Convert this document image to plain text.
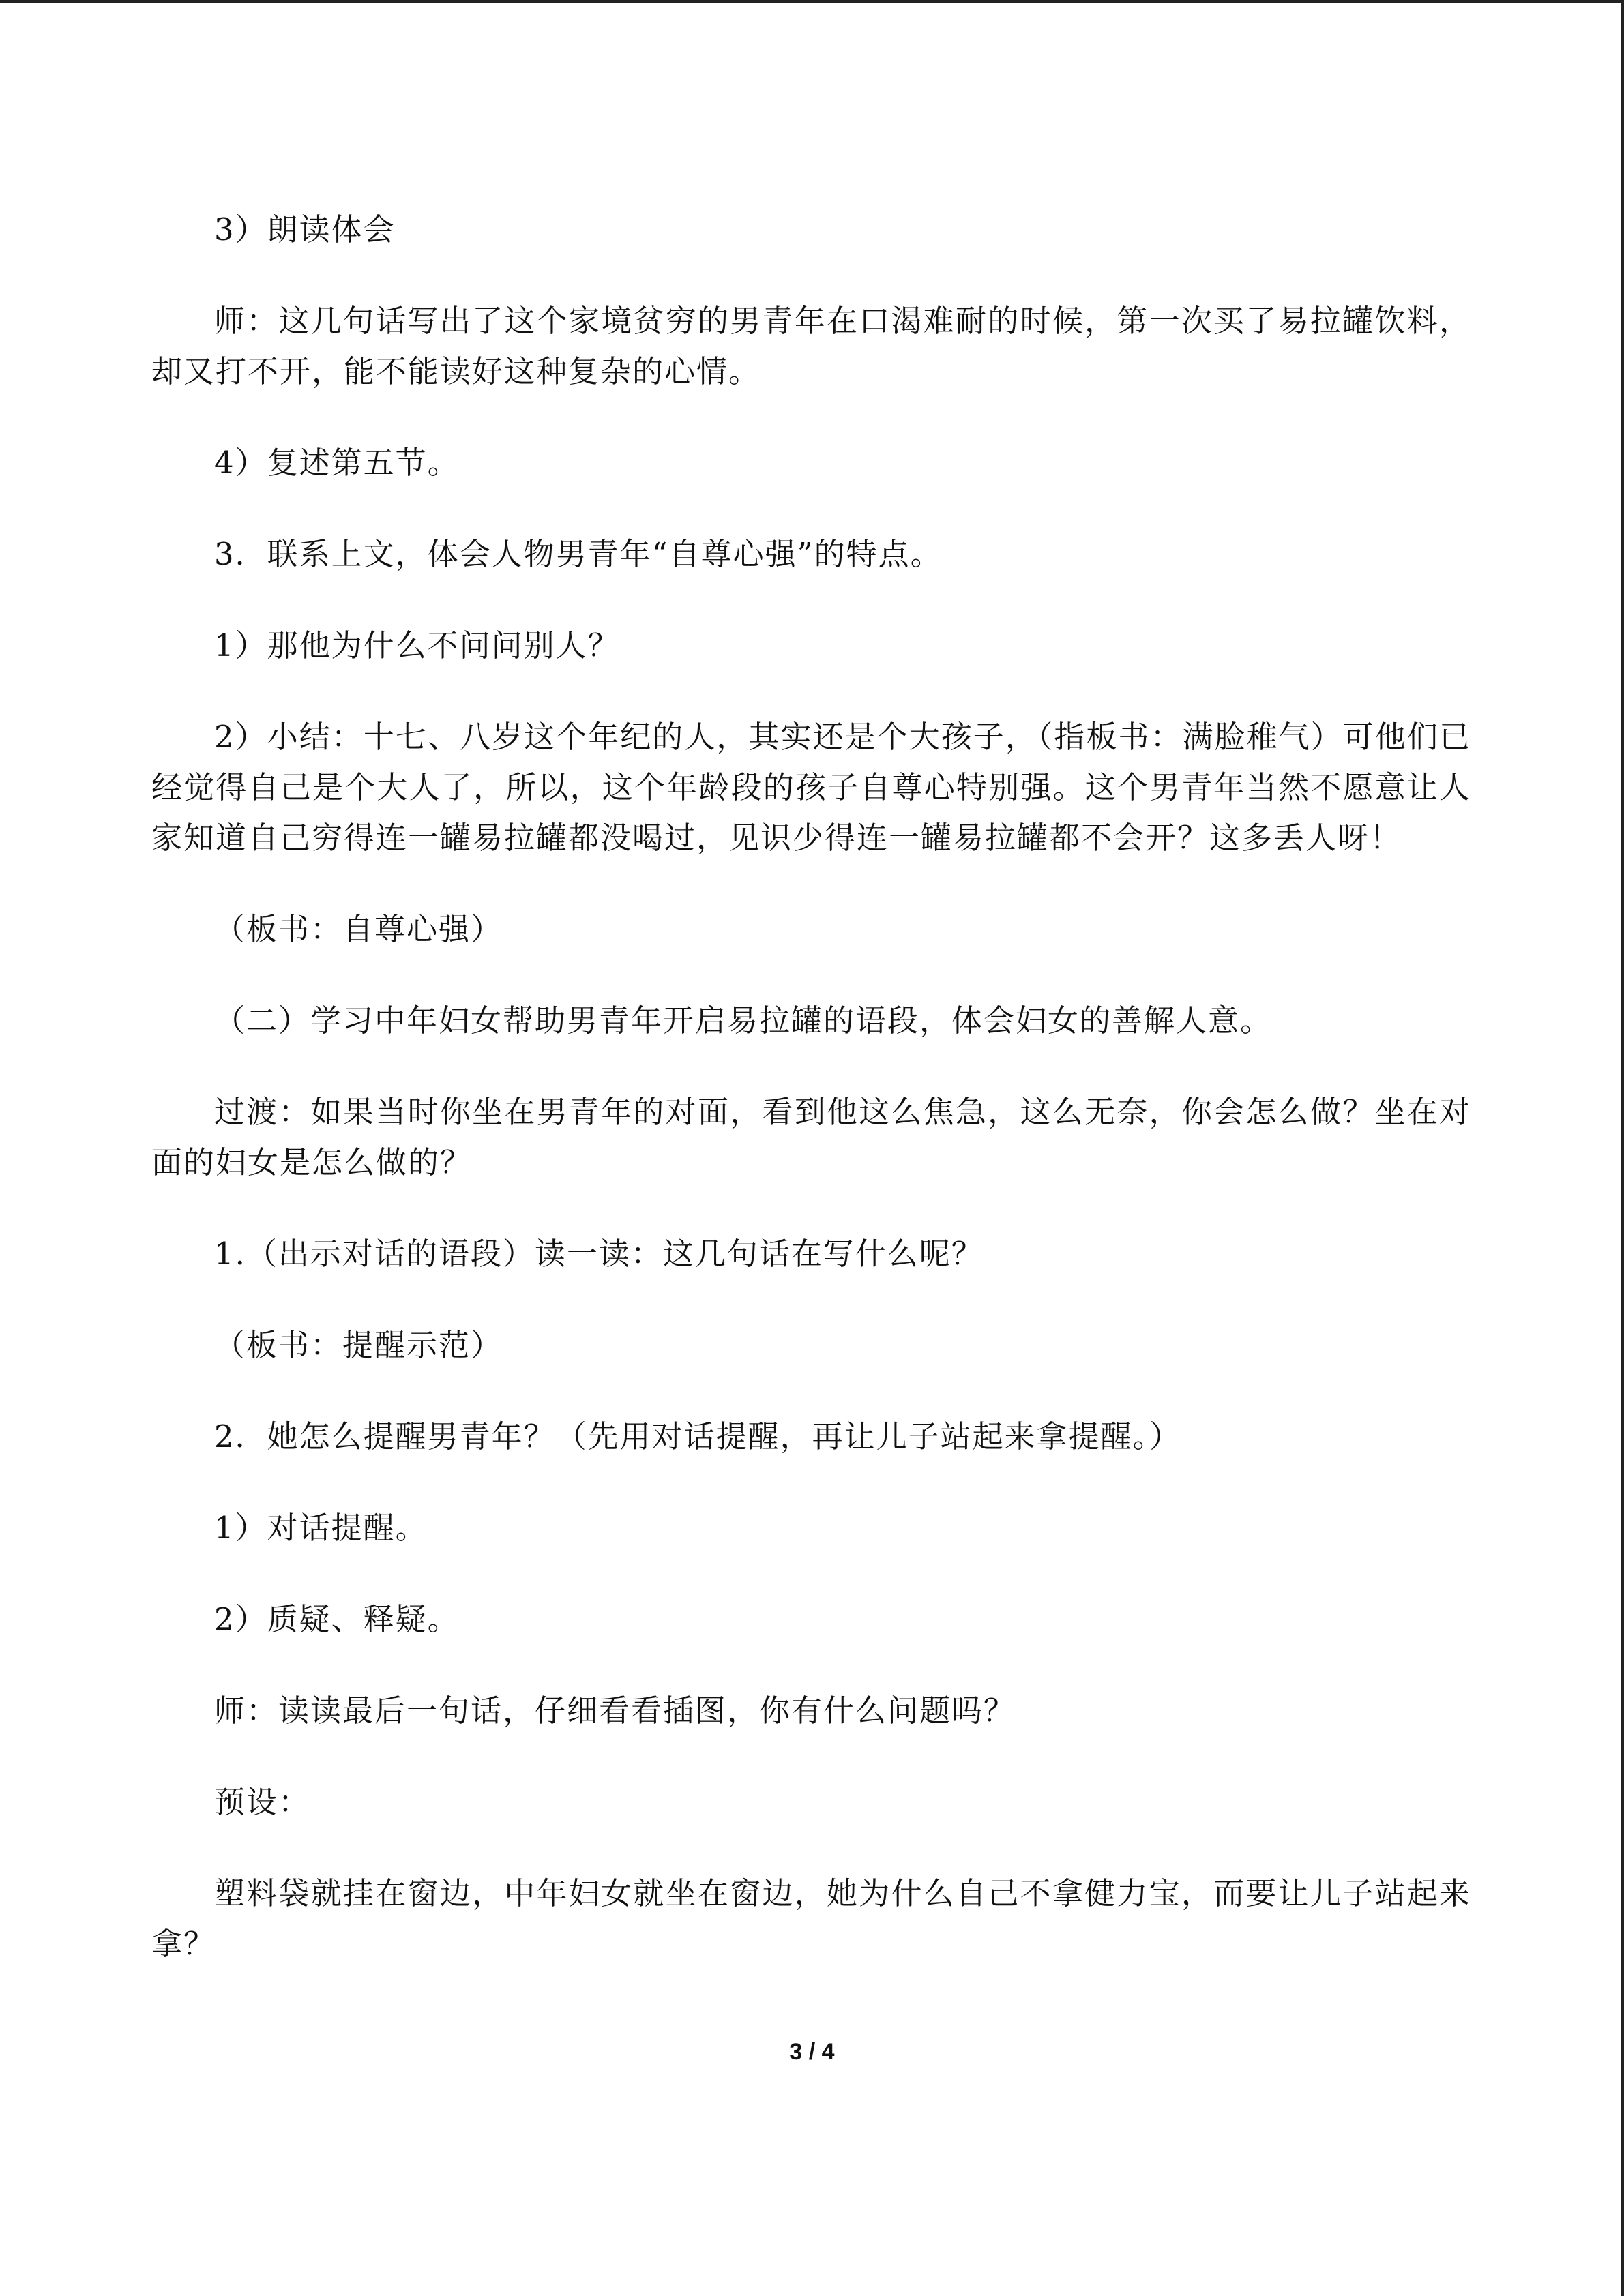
3）朗读体会

师：这几句话写出了这个家境贫穷的男青年在口渴难耐的时候，第一次买了易拉罐饮料，却又打不开，能不能读好这种复杂的心情。

4）复述第五节。

3．联系上文，体会人物男青年“自尊心强”的特点。

1）那他为什么不问问别人？

2）小结：十七、八岁这个年纪的人，其实还是个大孩子，（指板书：满脸稚气）可他们已经觉得自己是个大人了，所以，这个年龄段的孩子自尊心特别强。这个男青年当然不愿意让人家知道自己穷得连一罐易拉罐都没喝过，见识少得连一罐易拉罐都不会开？这多丢人呀！

（板书：自尊心强）

（二）学习中年妇女帮助男青年开启易拉罐的语段，体会妇女的善解人意。

过渡：如果当时你坐在男青年的对面，看到他这么焦急，这么无奈，你会怎么做？坐在对面的妇女是怎么做的？

1.（出示对话的语段）读一读：这几句话在写什么呢？

（板书：提醒示范）

2．她怎么提醒男青年？（先用对话提醒，再让儿子站起来拿提醒。）

1）对话提醒。

2）质疑、释疑。

师：读读最后一句话，仔细看看插图，你有什么问题吗？

预设：

塑料袋就挂在窗边，中年妇女就坐在窗边，她为什么自己不拿健力宝，而要让儿子站起来拿？

3 / 4
